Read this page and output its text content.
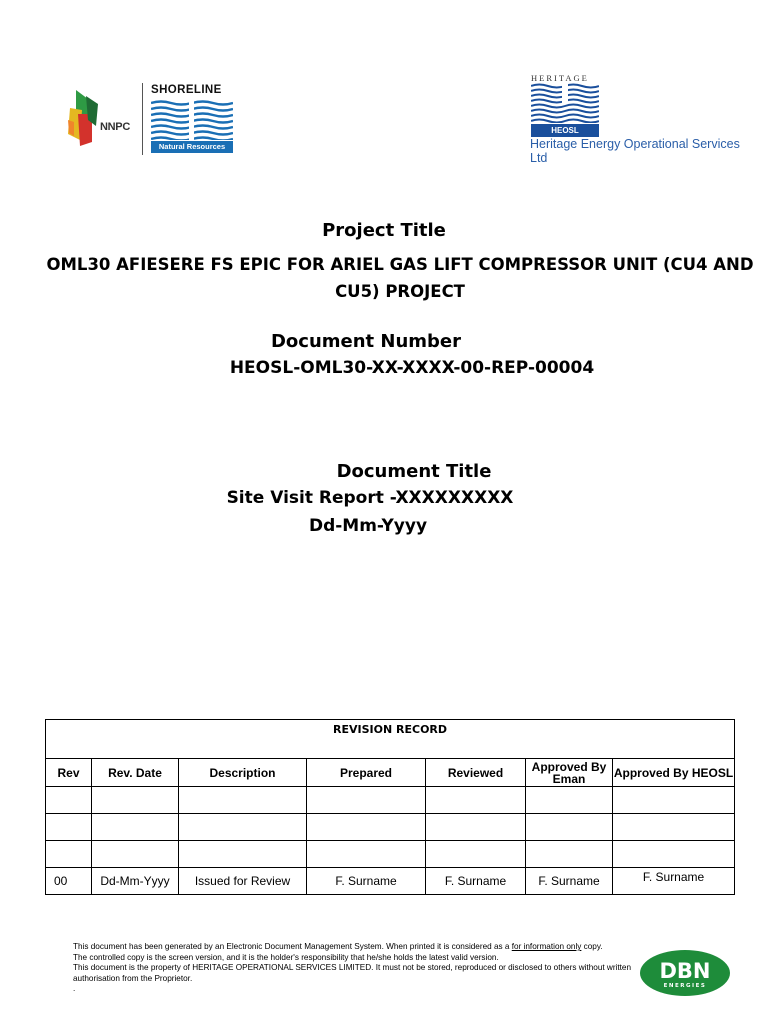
NNPC
SHORELINE
Natural Resources
HERITAGE
HEOSL
Heritage Energy Operational Services Ltd
Project Title
OML30 AFIESERE FS EPIC FOR ARIEL GAS LIFT COMPRESSOR UNIT (CU4 AND CU5) PROJECT
Document Number
HEOSL-OML30-XX-XXXX-00-REP-00004
Document Title
Site Visit Report -XXXXXXXXX
Dd-Mm-Yyyy
REVISION RECORD						
Rev	Rev. Date	Description	Prepared	Reviewed	Approved By Eman	Approved By HEOSL

00	Dd-Mm-Yyyy	Issued for Review	F. Surname	F. Surname	F. Surname	F. Surname
This document has been generated by an Electronic Document Management System. When printed it is considered as a for information only copy.
The controlled copy is the screen version, and it is the holder's responsibility that he/she holds the latest valid version.
This document is the property of HERITAGE OPERATIONAL SERVICES LIMITED. It must not be stored, reproduced or disclosed to others without written authorisation from the Proprietor.
.
DBN
ENERGIES
